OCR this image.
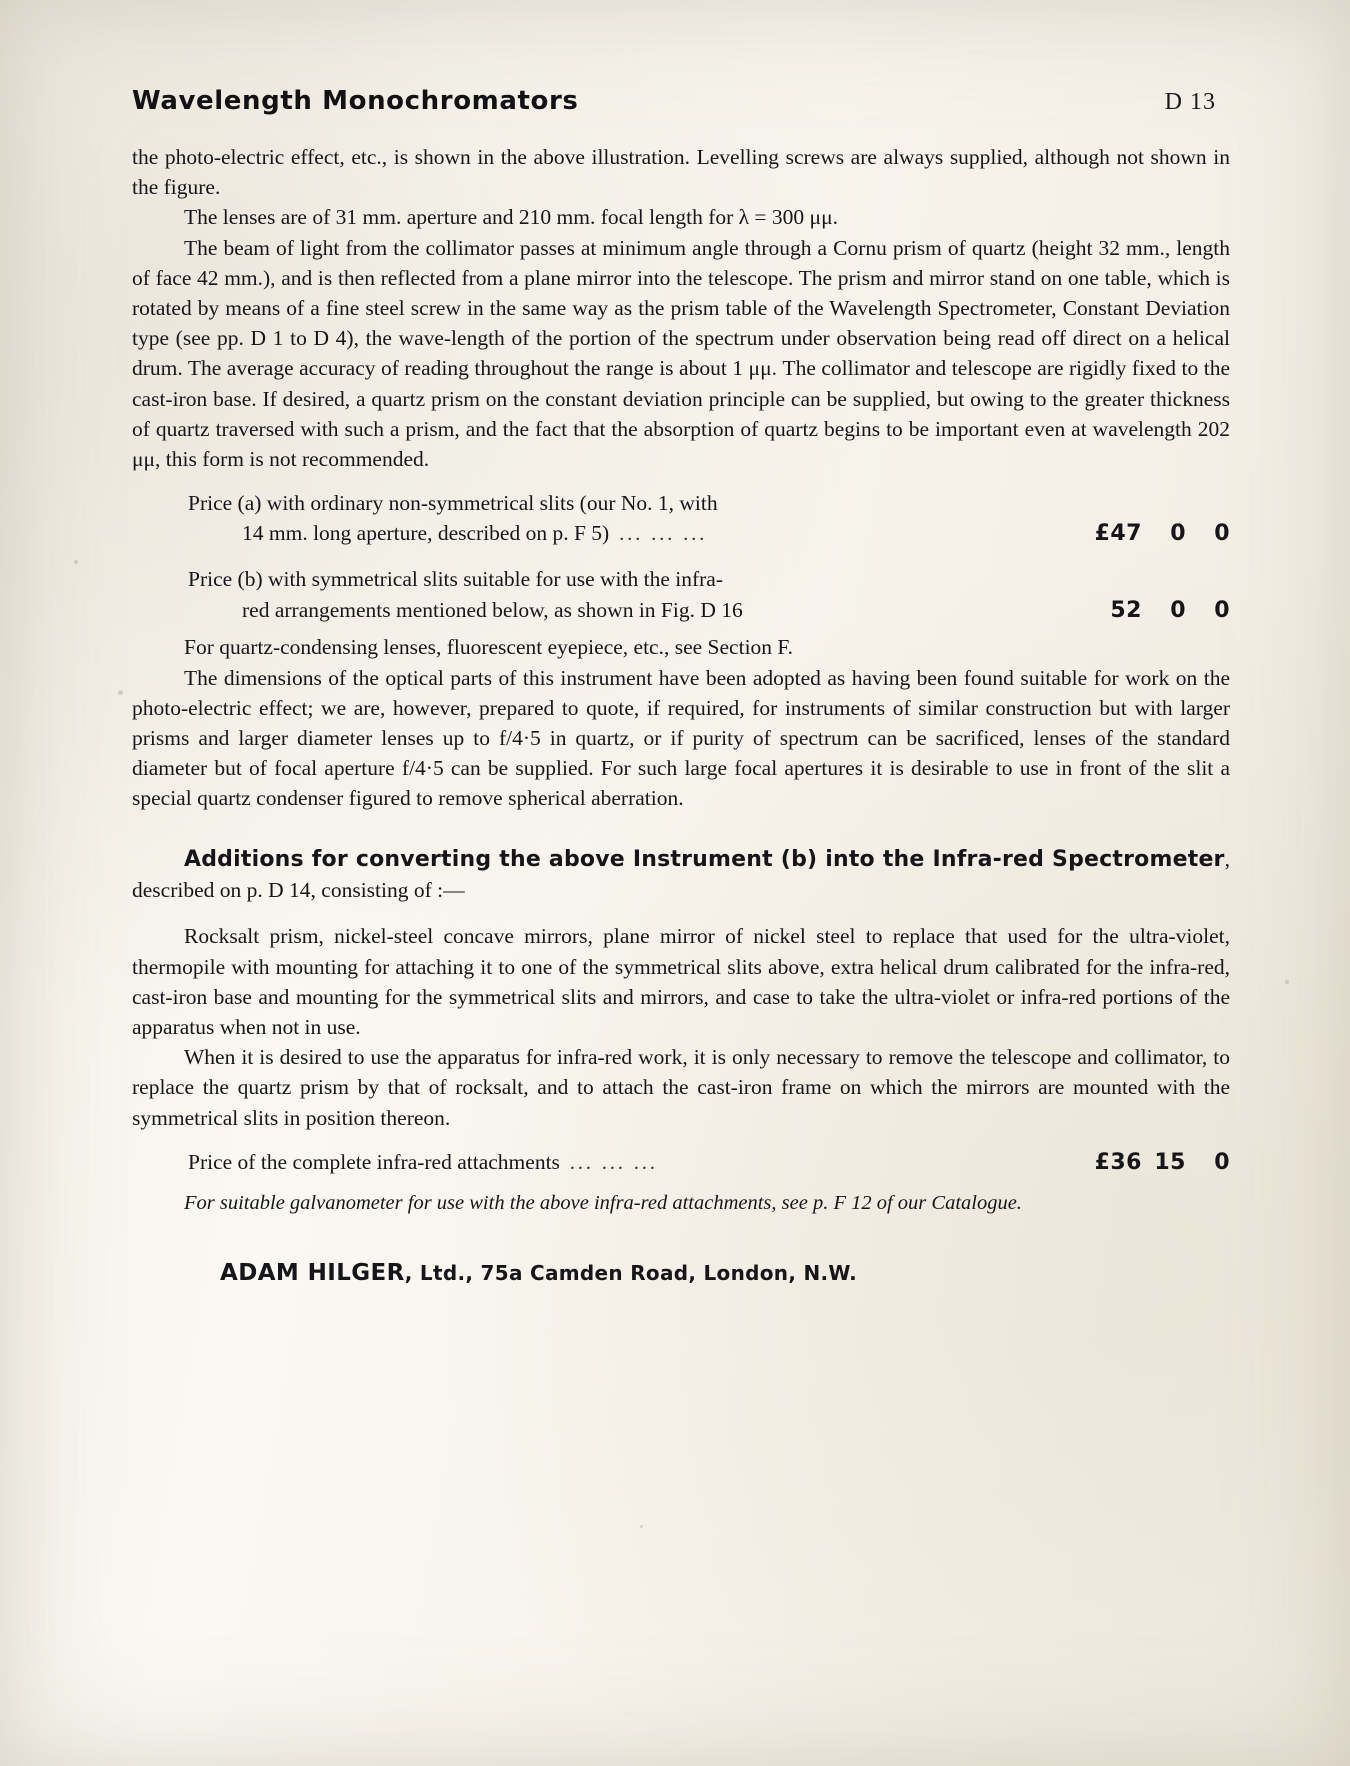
Wavelength Monochromators	D 13

the photo-electric effect, etc., is shown in the above illustration. Levelling screws are always supplied, although not shown in the figure.

The lenses are of 31 mm. aperture and 210 mm. focal length for λ = 300 μμ.

The beam of light from the collimator passes at minimum angle through a Cornu prism of quartz (height 32 mm., length of face 42 mm.), and is then reflected from a plane mirror into the telescope. The prism and mirror stand on one table, which is rotated by means of a fine steel screw in the same way as the prism table of the Wavelength Spectrometer, Constant Deviation type (see pp. D 1 to D 4), the wave-length of the portion of the spectrum under observation being read off direct on a helical drum. The average accuracy of reading throughout the range is about 1 μμ. The collimator and telescope are rigidly fixed to the cast-iron base. If desired, a quartz prism on the constant deviation principle can be supplied, but owing to the greater thickness of quartz traversed with such a prism, and the fact that the absorption of quartz begins to be important even at wavelength 202 μμ, this form is not recommended.

Price (a) with ordinary non-symmetrical slits (our No. 1, with
14 mm. long aperture, described on p. F 5) ... ... ...	£47	0	0
Price (b) with symmetrical slits suitable for use with the infra-
red arrangements mentioned below, as shown in Fig. D 16	52	0	0

For quartz-condensing lenses, fluorescent eyepiece, etc., see Section F.

The dimensions of the optical parts of this instrument have been adopted as having been found suitable for work on the photo-electric effect; we are, however, prepared to quote, if required, for instruments of similar construction but with larger prisms and larger diameter lenses up to f/4·5 in quartz, or if purity of spectrum can be sacrificed, lenses of the standard diameter but of focal aperture f/4·5 can be supplied. For such large focal apertures it is desirable to use in front of the slit a special quartz condenser figured to remove spherical aberration.

Additions for converting the above Instrument (b) into the Infra-red Spectrometer, described on p. D 14, consisting of :—

Rocksalt prism, nickel-steel concave mirrors, plane mirror of nickel steel to replace that used for the ultra-violet, thermopile with mounting for attaching it to one of the symmetrical slits above, extra helical drum calibrated for the infra-red, cast-iron base and mounting for the symmetrical slits and mirrors, and case to take the ultra-violet or infra-red portions of the apparatus when not in use.

When it is desired to use the apparatus for infra-red work, it is only necessary to remove the telescope and collimator, to replace the quartz prism by that of rocksalt, and to attach the cast-iron frame on which the mirrors are mounted with the symmetrical slits in position thereon.

Price of the complete infra-red attachments ... ... ...	£36 15	0

For suitable galvanometer for use with the above infra-red attachments, see p. F 12 of our Catalogue.

ADAM HILGER, Ltd., 75a Camden Road, London, N.W.
